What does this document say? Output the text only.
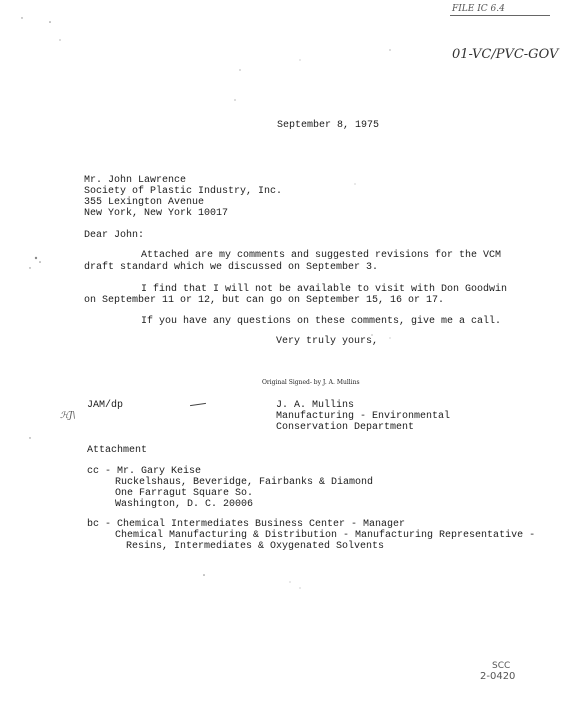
FILE IC 6.4
01-VC/PVC-GOV
September 8, 1975
Mr. John Lawrence
Society of Plastic Industry, Inc.
355 Lexington Avenue
New York, New York 10017
Dear John:
Attached are my comments and suggested revisions for the VCM
draft standard which we discussed on September 3.
I find that I will not be available to visit with Don Goodwin
on September 11 or 12, but can go on September 15, 16 or 17.
If you have any questions on these comments, give me a call.
Very truly yours,
Original Signed- by J. A. Mullins
JAM/dp
ℋJ\
J. A. Mullins
Manufacturing - Environmental
Conservation Department
Attachment
cc - Mr. Gary Keise
Ruckelshaus, Beveridge, Fairbanks & Diamond
One Farragut Square So.
Washington, D. C. 20006
bc - Chemical Intermediates Business Center - Manager
Chemical Manufacturing & Distribution - Manufacturing Representative -
Resins, Intermediates & Oxygenated Solvents
SCC
2-0420
